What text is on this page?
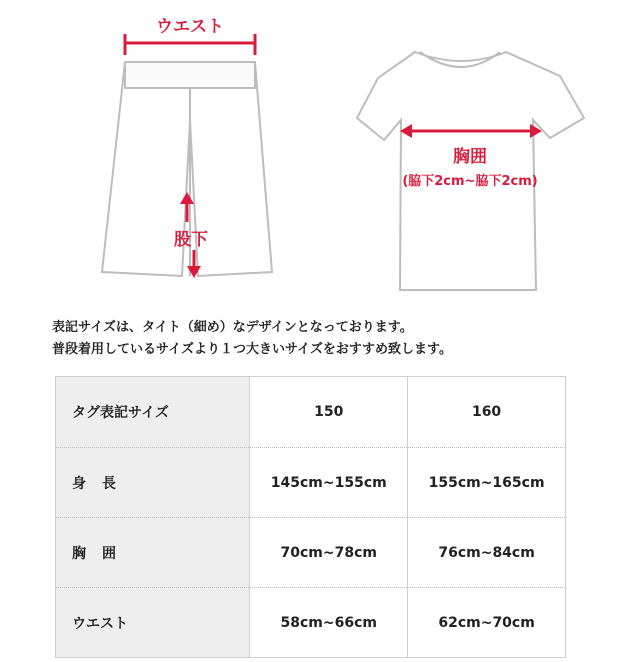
ウエスト
股下
胸囲
(脇下2cm~脇下2cm)
表記サイズは、タイト（細め）なデザインとなっております。
普段着用しているサイズより１つ大きいサイズをおすすめ致します。
タグ表記サイズ	150	160
身長	145cm~155cm	155cm~165cm
胸囲	70cm~78cm	76cm~84cm
ウエスト	58cm~66cm	62cm~70cm
